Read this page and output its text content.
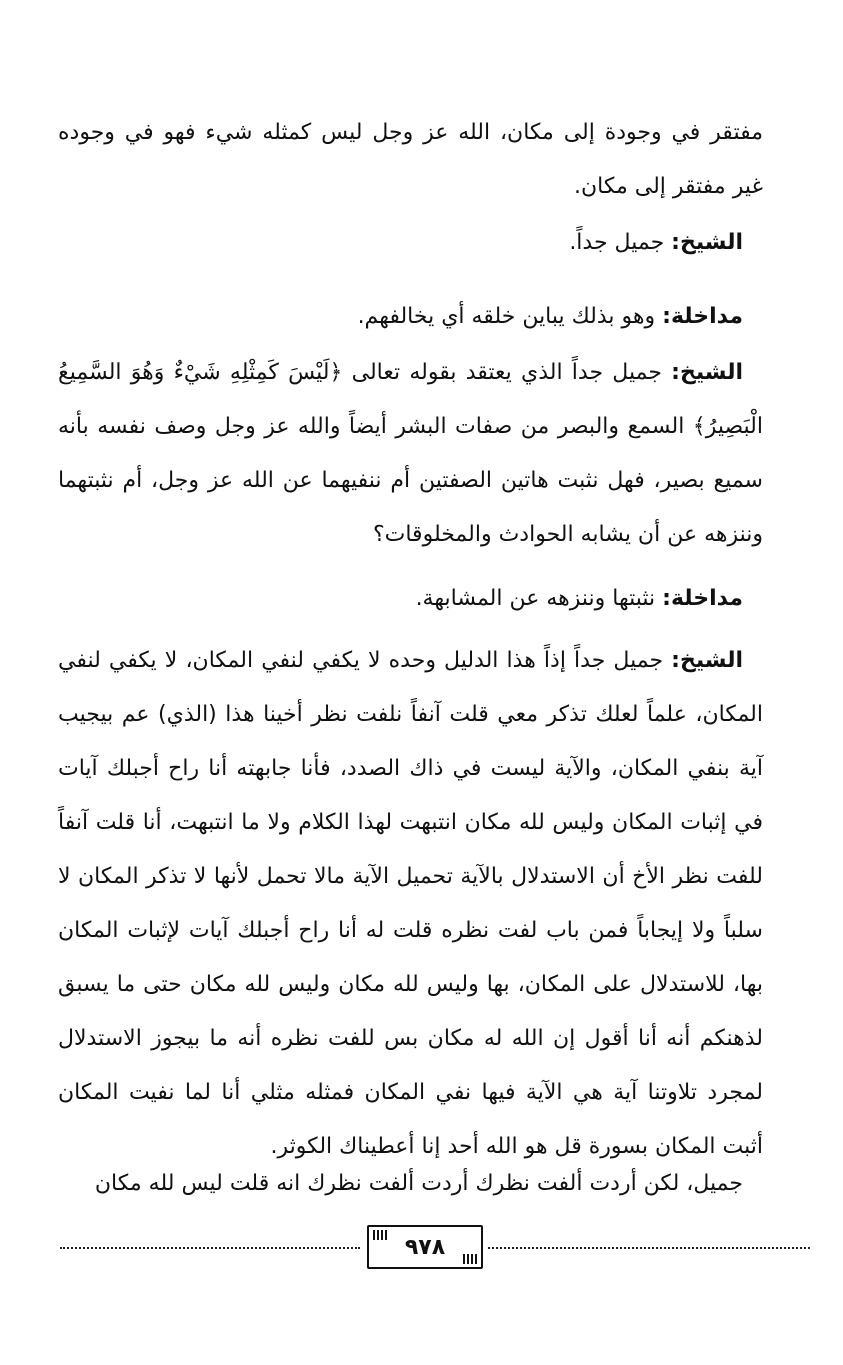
مفتقر في وجودة إلى مكان، الله عز وجل ليس كمثله شيء فهو في وجوده غير مفتقر إلى مكان.

الشيخ: جميل جداً.

مداخلة: وهو بذلك يباين خلقه أي يخالفهم.

الشيخ: جميل جداً الذي يعتقد بقوله تعالى ﴿لَيْسَ كَمِثْلِهِ شَيْءٌ وَهُوَ السَّمِيعُ الْبَصِيرُ﴾ السمع والبصر من صفات البشر أيضاً والله عز وجل وصف نفسه بأنه سميع بصير، فهل نثبت هاتين الصفتين أم ننفيهما عن الله عز وجل، أم نثبتهما وننزهه عن أن يشابه الحوادث والمخلوقات؟

مداخلة: نثبتها وننزهه عن المشابهة.

الشيخ: جميل جداً إذاً هذا الدليل وحده لا يكفي لنفي المكان، لا يكفي لنفي المكان، علماً لعلك تذكر معي قلت آنفاً نلفت نظر أخينا هذا (الذي) عم بيجيب آية بنفي المكان، والآية ليست في ذاك الصدد، فأنا جابهته أنا راح أجبلك آيات في إثبات المكان وليس لله مكان انتبهت لهذا الكلام ولا ما انتبهت، أنا قلت آنفاً للفت نظر الأخ أن الاستدلال بالآية تحميل الآية مالا تحمل لأنها لا تذكر المكان لا سلباً ولا إيجاباً فمن باب لفت نظره قلت له أنا راح أجبلك آيات لإثبات المكان بها، للاستدلال على المكان، بها وليس لله مكان وليس لله مكان حتى ما يسبق لذهنكم أنه أنا أقول إن الله له مكان بس للفت نظره أنه ما بيجوز الاستدلال لمجرد تلاوتنا آية هي الآية فيها نفي المكان فمثله مثلي أنا لما نفيت المكان أثبت المكان بسورة قل هو الله أحد إنا أعطيناك الكوثر.

جميل، لكن أردت ألفت نظرك أردت ألفت نظرك انه قلت ليس لله مكان

٩٧٨
